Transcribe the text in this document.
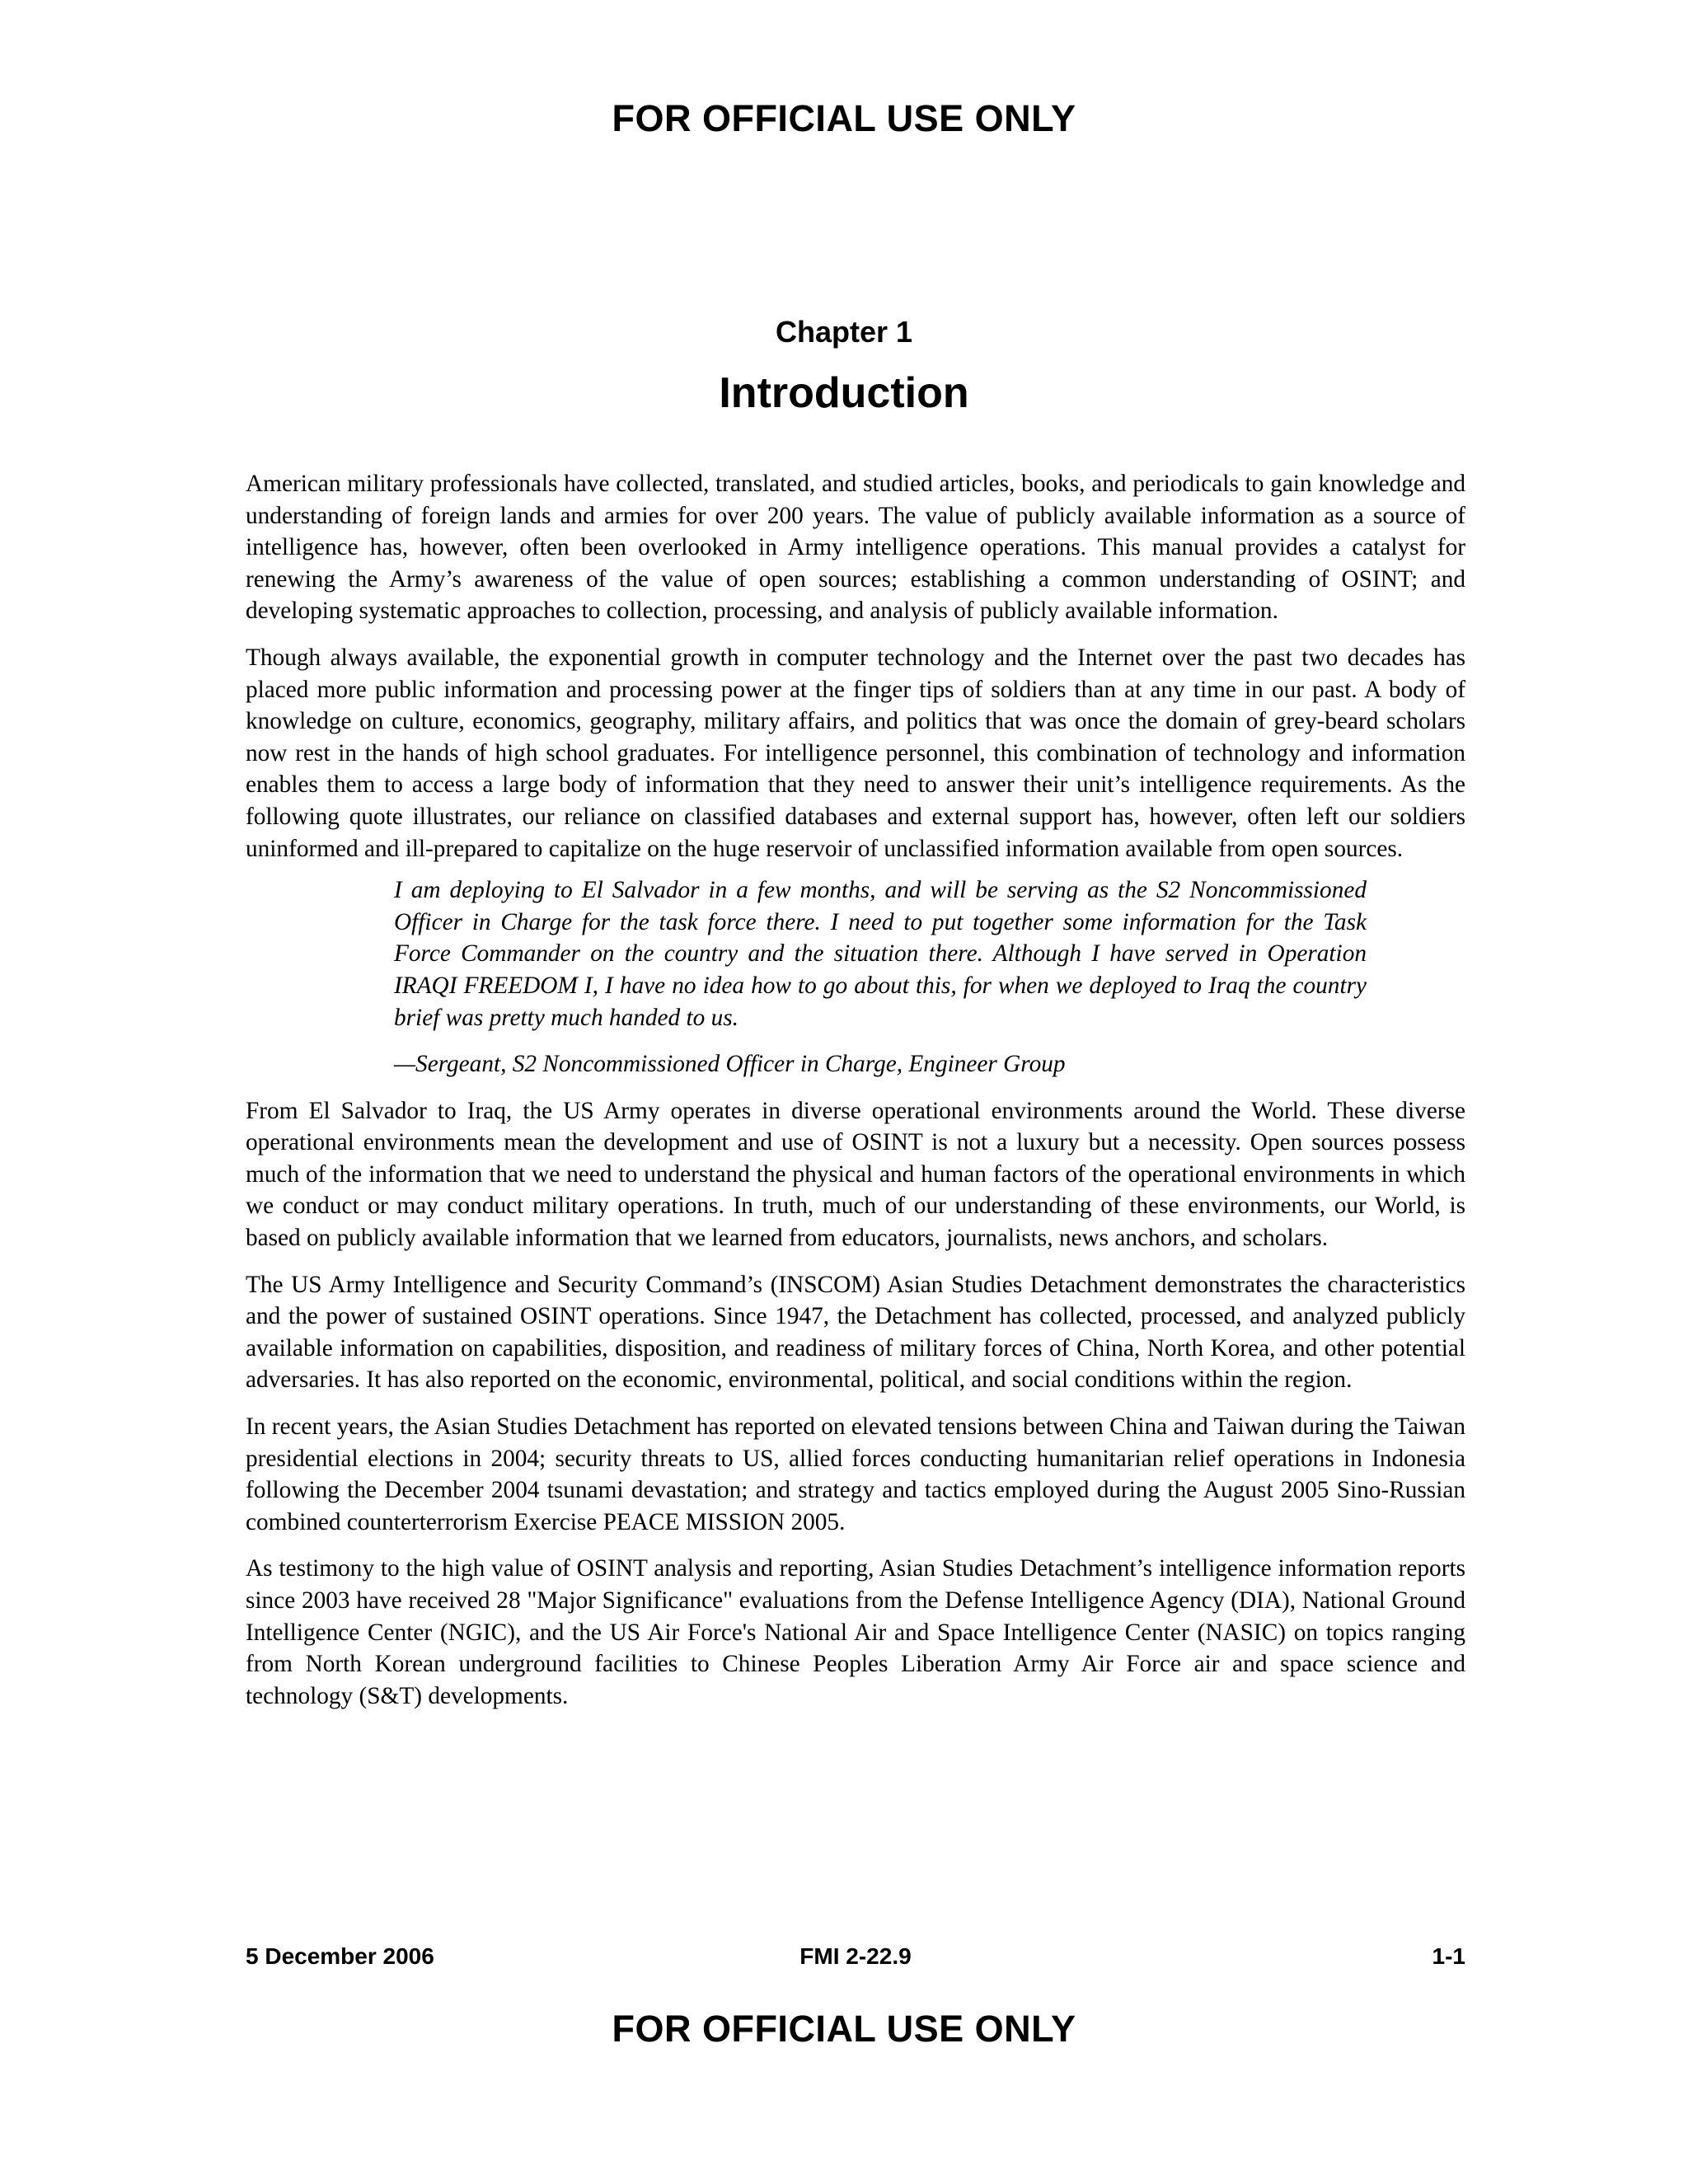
FOR OFFICIAL USE ONLY
Chapter 1
Introduction

American military professionals have collected, translated, and studied articles, books, and periodicals to gain knowledge and understanding of foreign lands and armies for over 200 years. The value of publicly available information as a source of intelligence has, however, often been overlooked in Army intelligence operations. This manual provides a catalyst for renewing the Army’s awareness of the value of open sources; establishing a common understanding of OSINT; and developing systematic approaches to collection, processing, and analysis of publicly available information.

Though always available, the exponential growth in computer technology and the Internet over the past two decades has placed more public information and processing power at the finger tips of soldiers than at any time in our past. A body of knowledge on culture, economics, geography, military affairs, and politics that was once the domain of grey-beard scholars now rest in the hands of high school graduates. For intelligence personnel, this combination of technology and information enables them to access a large body of information that they need to answer their unit’s intelligence requirements. As the following quote illustrates, our reliance on classified databases and external support has, however, often left our soldiers uninformed and ill-prepared to capitalize on the huge reservoir of unclassified information available from open sources.

I am deploying to El Salvador in a few months, and will be serving as the S2 Noncommissioned Officer in Charge for the task force there. I need to put together some information for the Task Force Commander on the country and the situation there. Although I have served in Operation IRAQI FREEDOM I, I have no idea how to go about this, for when we deployed to Iraq the country brief was pretty much handed to us.

—Sergeant, S2 Noncommissioned Officer in Charge, Engineer Group

From El Salvador to Iraq, the US Army operates in diverse operational environments around the World. These diverse operational environments mean the development and use of OSINT is not a luxury but a necessity. Open sources possess much of the information that we need to understand the physical and human factors of the operational environments in which we conduct or may conduct military operations. In truth, much of our understanding of these environments, our World, is based on publicly available information that we learned from educators, journalists, news anchors, and scholars.

The US Army Intelligence and Security Command’s (INSCOM) Asian Studies Detachment demonstrates the characteristics and the power of sustained OSINT operations. Since 1947, the Detachment has collected, processed, and analyzed publicly available information on capabilities, disposition, and readiness of military forces of China, North Korea, and other potential adversaries. It has also reported on the economic, environmental, political, and social conditions within the region.

In recent years, the Asian Studies Detachment has reported on elevated tensions between China and Taiwan during the Taiwan presidential elections in 2004; security threats to US, allied forces conducting humanitarian relief operations in Indonesia following the December 2004 tsunami devastation; and strategy and tactics employed during the August 2005 Sino-Russian combined counterterrorism Exercise PEACE MISSION 2005.

As testimony to the high value of OSINT analysis and reporting, Asian Studies Detachment’s intelligence information reports since 2003 have received 28 "Major Significance" evaluations from the Defense Intelligence Agency (DIA), National Ground Intelligence Center (NGIC), and the US Air Force's National Air and Space Intelligence Center (NASIC) on topics ranging from North Korean underground facilities to Chinese Peoples Liberation Army Air Force air and space science and technology (S&T) developments.

5 December 2006	FMI 2-22.9	1-1
FOR OFFICIAL USE ONLY
